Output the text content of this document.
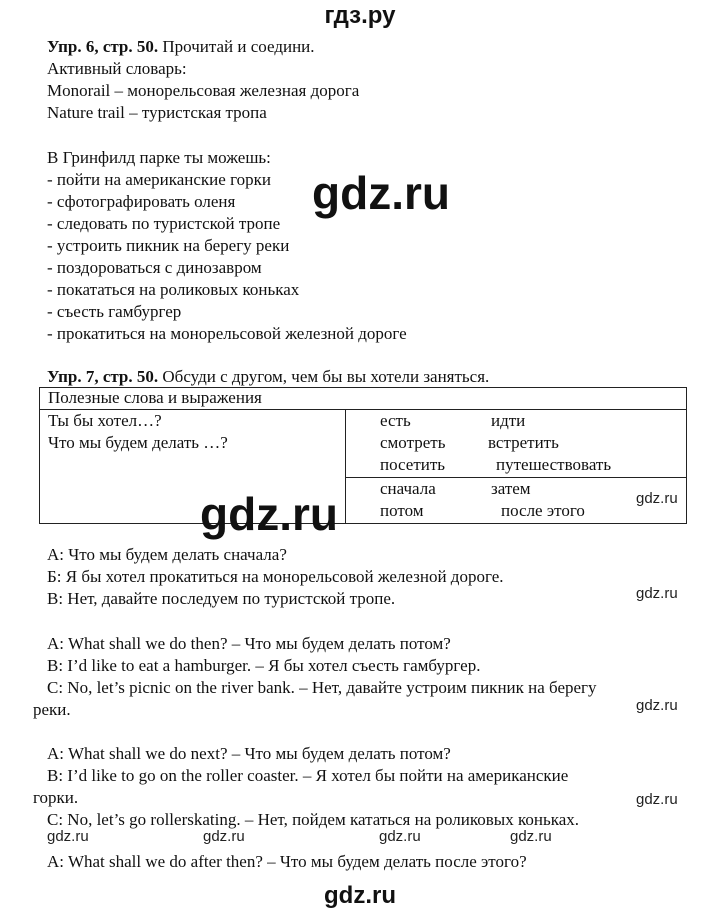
гдз.ру
Упр. 6, стр. 50. Прочитай и соедини.
Активный словарь:
Monorail – монорельсовая железная дорога
Nature trail – туристская тропа
В Гринфилд парке ты можешь:
- пойти на американские горки
- сфотографировать оленя
- следовать по туристской тропе
- устроить пикник на берегу реки
- поздороваться с динозавром
- покататься на роликовых коньках
- съесть гамбургер
- прокатиться на монорельсовой железной дороге
gdz.ru
Упр. 7, стр. 50. Обсуди с другом, чем бы вы хотели заняться.
Полезные слова и выражения

Ты бы хотел…?
Что мы будем делать …?

есть	идти
смотреть	встретить
посетить	путешествовать

сначала	затем
потом	после этого
gdz.ru	gdz.ru
А: Что мы будем делать сначала?
Б: Я бы хотел прокатиться на монорельсовой железной дороге.
В: Нет, давайте последуем по туристской тропе.	gdz.ru
A: What shall we do then? – Что мы будем делать потом?
B: I’d like to eat a hamburger. – Я бы хотел съесть гамбургер.
C: No, let’s picnic on the river bank. – Нет, давайте устроим пикник на берегу
реки.	gdz.ru
A: What shall we do next? – Что мы будем делать потом?
B: I’d like to go on the roller coaster. – Я хотел бы пойти на американские
горки.	gdz.ru
C: No, let’s go rollerskating. – Нет, пойдем кататься на роликовых коньках.
gdz.ru	gdz.ru	gdz.ru	gdz.ru
A: What shall we do after then? – Что мы будем делать после этого?
gdz.ru
